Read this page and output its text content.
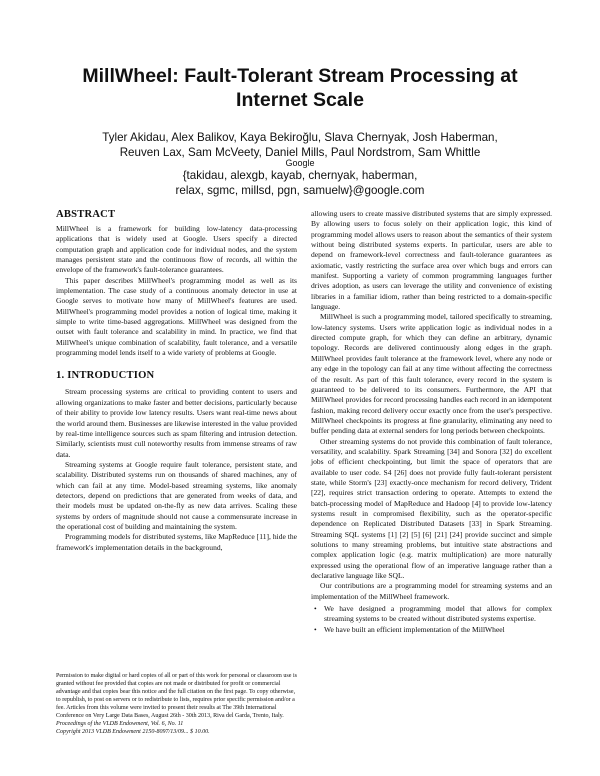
MillWheel: Fault-Tolerant Stream Processing at
Internet Scale
Tyler Akidau, Alex Balikov, Kaya Bekiroğlu, Slava Chernyak, Josh Haberman,
Reuven Lax, Sam McVeety, Daniel Mills, Paul Nordstrom, Sam Whittle
Google
{takidau, alexgb, kayab, chernyak, haberman,
relax, sgmc, millsd, pgn, samuelw}@google.com
ABSTRACT

MillWheel is a framework for building low-latency data-processing applications that is widely used at Google. Users specify a directed computation graph and application code for individual nodes, and the system manages persistent state and the continuous flow of records, all within the envelope of the framework's fault-tolerance guarantees.

This paper describes MillWheel's programming model as well as its implementation. The case study of a continuous anomaly detector in use at Google serves to motivate how many of MillWheel's features are used. MillWheel's programming model provides a notion of logical time, making it simple to write time-based aggregations. MillWheel was designed from the outset with fault tolerance and scalability in mind. In practice, we find that MillWheel's unique combination of scalability, fault tolerance, and a versatile programming model lends itself to a wide variety of problems at Google.

1. INTRODUCTION

Stream processing systems are critical to providing content to users and allowing organizations to make faster and better decisions, particularly because of their ability to provide low latency results. Users want real-time news about the world around them. Businesses are likewise interested in the value provided by real-time intelligence sources such as spam filtering and intrusion detection. Similarly, scientists must cull noteworthy results from immense streams of raw data.

Streaming systems at Google require fault tolerance, persistent state, and scalability. Distributed systems run on thousands of shared machines, any of which can fail at any time. Model-based streaming systems, like anomaly detectors, depend on predictions that are generated from weeks of data, and their models must be updated on-the-fly as new data arrives. Scaling these systems by orders of magnitude should not cause a commensurate increase in the operational cost of building and maintaining the system.

Programming models for distributed systems, like MapReduce [11], hide the framework's implementation details in the background,

Permission to make digital or hard copies of all or part of this work for personal or classroom use is granted without fee provided that copies are not made or distributed for profit or commercial advantage and that copies bear this notice and the full citation on the first page. To copy otherwise, to republish, to post on servers or to redistribute to lists, requires prior specific permission and/or a fee. Articles from this volume were invited to present their results at The 39th International Conference on Very Large Data Bases, August 26th - 30th 2013, Riva del Garda, Trento, Italy.
Proceedings of the VLDB Endowment, Vol. 6, No. 11
Copyright 2013 VLDB Endowment 2150-8097/13/09... $ 10.00.

allowing users to create massive distributed systems that are simply expressed. By allowing users to focus solely on their application logic, this kind of programming model allows users to reason about the semantics of their system without being distributed systems experts. In particular, users are able to depend on framework-level correctness and fault-tolerance guarantees as axiomatic, vastly restricting the surface area over which bugs and errors can manifest. Supporting a variety of common programming languages further drives adoption, as users can leverage the utility and convenience of existing libraries in a familiar idiom, rather than being restricted to a domain-specific language.

MillWheel is such a programming model, tailored specifically to streaming, low-latency systems. Users write application logic as individual nodes in a directed compute graph, for which they can define an arbitrary, dynamic topology. Records are delivered continuously along edges in the graph. MillWheel provides fault tolerance at the framework level, where any node or any edge in the topology can fail at any time without affecting the correctness of the result. As part of this fault tolerance, every record in the system is guaranteed to be delivered to its consumers. Furthermore, the API that MillWheel provides for record processing handles each record in an idempotent fashion, making record delivery occur exactly once from the user's perspective. MillWheel checkpoints its progress at fine granularity, eliminating any need to buffer pending data at external senders for long periods between checkpoints.

Other streaming systems do not provide this combination of fault tolerance, versatility, and scalability. Spark Streaming [34] and Sonora [32] do excellent jobs of efficient checkpointing, but limit the space of operators that are available to user code. S4 [26] does not provide fully fault-tolerant persistent state, while Storm's [23] exactly-once mechanism for record delivery, Trident [22], requires strict transaction ordering to operate. Attempts to extend the batch-processing model of MapReduce and Hadoop [4] to provide low-latency systems result in compromised flexibility, such as the operator-specific dependence on Replicated Distributed Datasets [33] in Spark Streaming. Streaming SQL systems [1] [2] [5] [6] [21] [24] provide succinct and simple solutions to many streaming problems, but intuitive state abstractions and complex application logic (e.g. matrix multiplication) are more naturally expressed using the operational flow of an imperative language rather than a declarative language like SQL.

Our contributions are a programming model for streaming systems and an implementation of the MillWheel framework.

• We have designed a programming model that allows for complex streaming systems to be created without distributed systems expertise.
• We have built an efficient implementation of the MillWheel
